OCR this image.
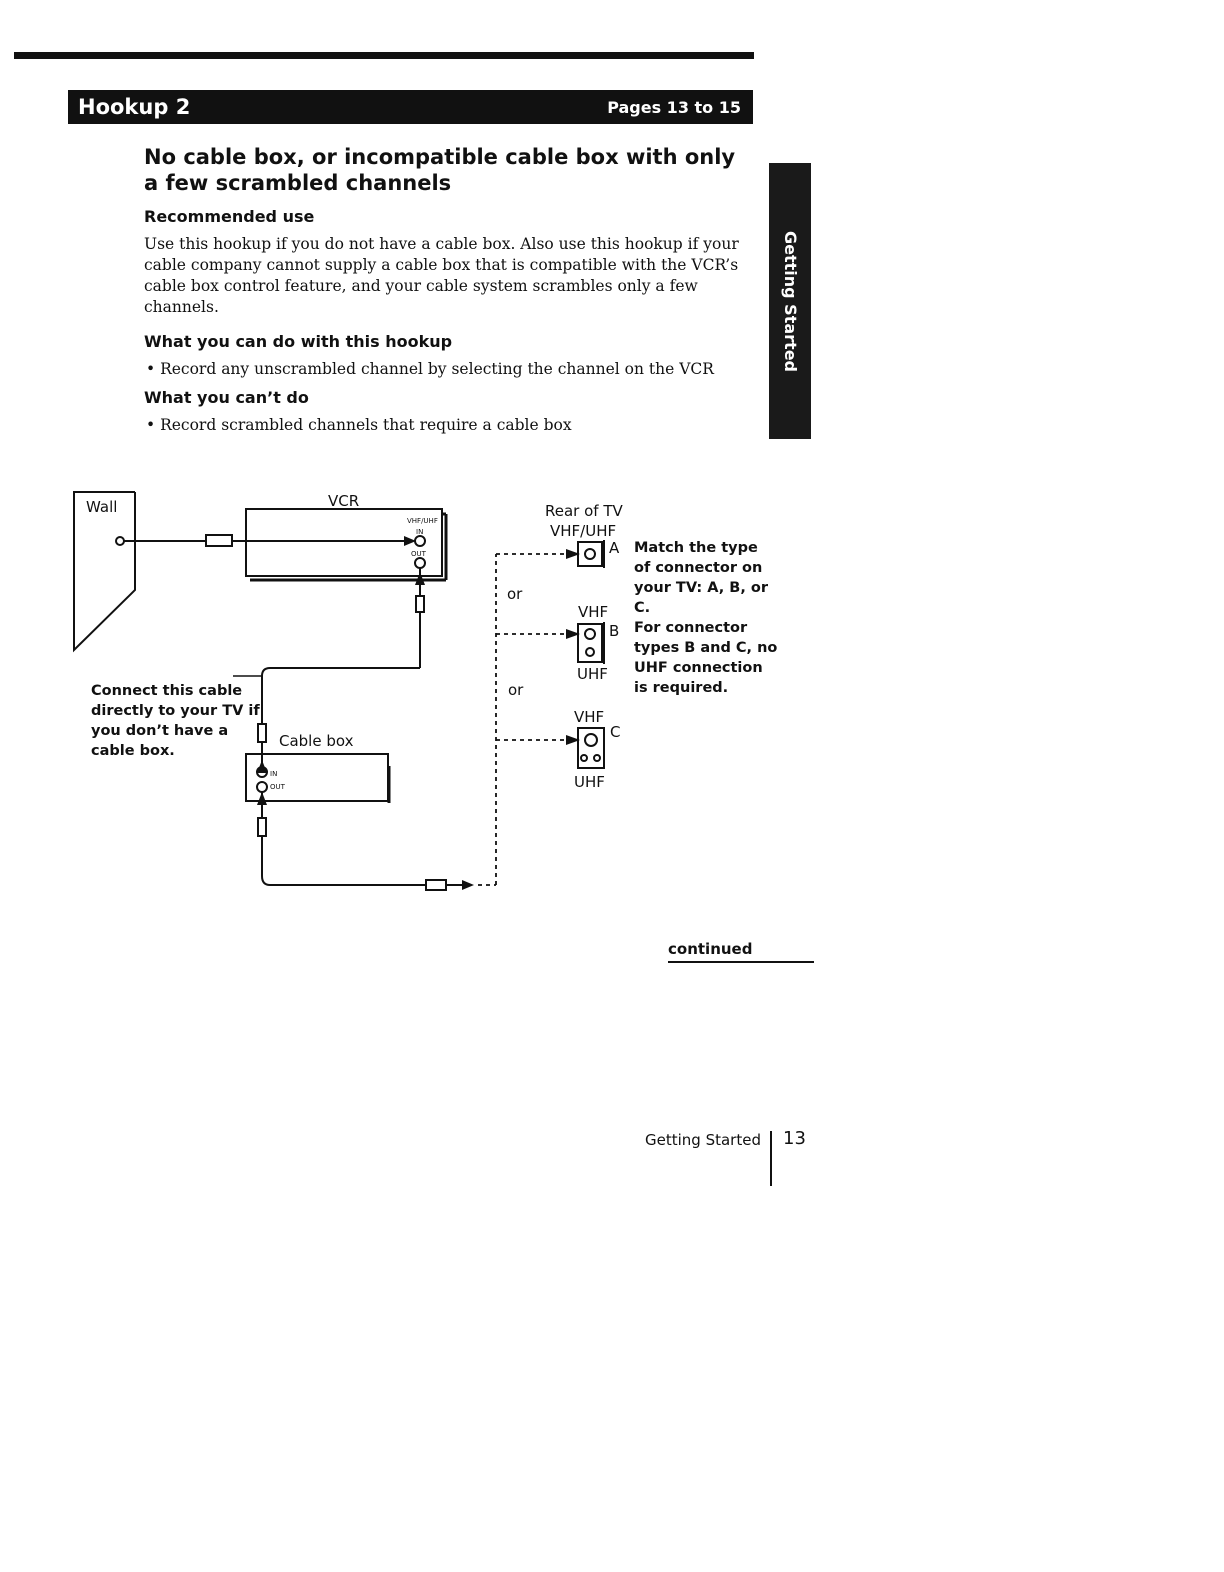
Hookup 2	Pages 13 to 15
Getting Started
No cable box, or incompatible cable box with only a few scrambled channels
Recommended use

Use this hookup if you do not have a cable box. Also use this hookup if your cable company cannot supply a cable box that is compatible with the VCR’s cable box control feature, and your cable system scrambles only a few channels.

What you can do with this hookup
• Record any unscrambled channel by selecting the channel on the VCR
What you can’t do
• Record scrambled channels that require a cable box
Wall	VCR
VHF/UHF
IN
OUT
Connect this cable
directly to your TV if
you don’t have a
cable box.
Cable box
IN
OUT
Rear of TV
VHF/UHF
or
or
VHF
UHF
VHF
UHF
A
B
C
Match the type
of connector on
your TV: A, B, or
C.
For connector
types B and C, no
UHF connection
is required.
continued
Getting Started 13
